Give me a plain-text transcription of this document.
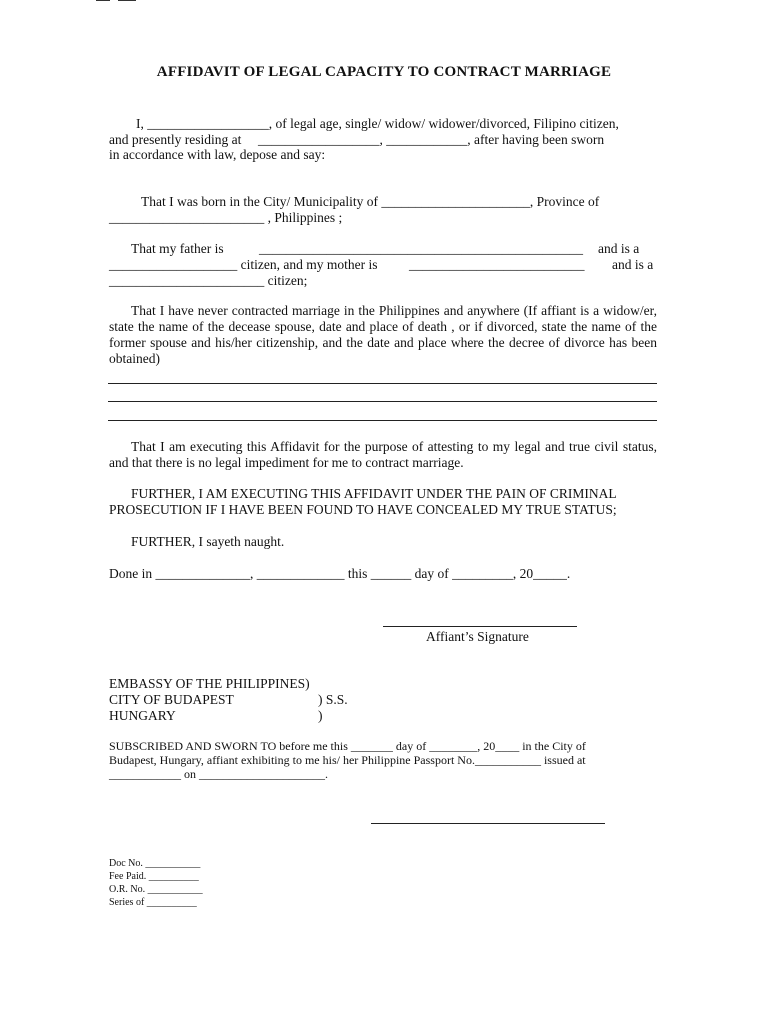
AFFIDAVIT OF LEGAL CAPACITY TO CONTRACT MARRIAGE
I, __________________, of legal age, single/ widow/ widower/divorced, Filipino citizen,
and presently residing at __________________, ____________, after having been sworn
in accordance with law, depose and say:
That I was born in the City/ Municipality of ______________________, Province of
_______________________ , Philippines ;
That my father is	________________________________________________ and is a
___________________ citizen, and my mother is __________________________ and is a
_______________________ citizen;
That I have never contracted marriage in the Philippines and anywhere (If affiant is a widow/er, state the name of the decease spouse, date and place of death , or if divorced, state the name of the former spouse and his/her citizenship, and the date and place where the decree of divorce has been obtained)
That I am executing this Affidavit for the purpose of attesting to my legal and true civil status, and that there is no legal impediment for me to contract marriage.
FURTHER, I AM EXECUTING THIS AFFIDAVIT UNDER THE PAIN OF CRIMINAL
PROSECUTION IF I HAVE BEEN FOUND TO HAVE CONCEALED MY TRUE STATUS;
FURTHER, I sayeth naught.
Done in ______________, _____________ this ______ day of _________, 20_____.
Affiant’s Signature
EMBASSY OF THE PHILIPPINES)
CITY OF BUDAPEST	) S.S.
HUNGARY	)
SUBSCRIBED AND SWORN TO before me this _______ day of ________, 20____ in the City of
Budapest, Hungary, affiant exhibiting to me his/ her Philippine Passport No.___________ issued at
____________ on _____________________.
Doc No. ___________
Fee Paid. __________
O.R. No. ___________
Series of __________
